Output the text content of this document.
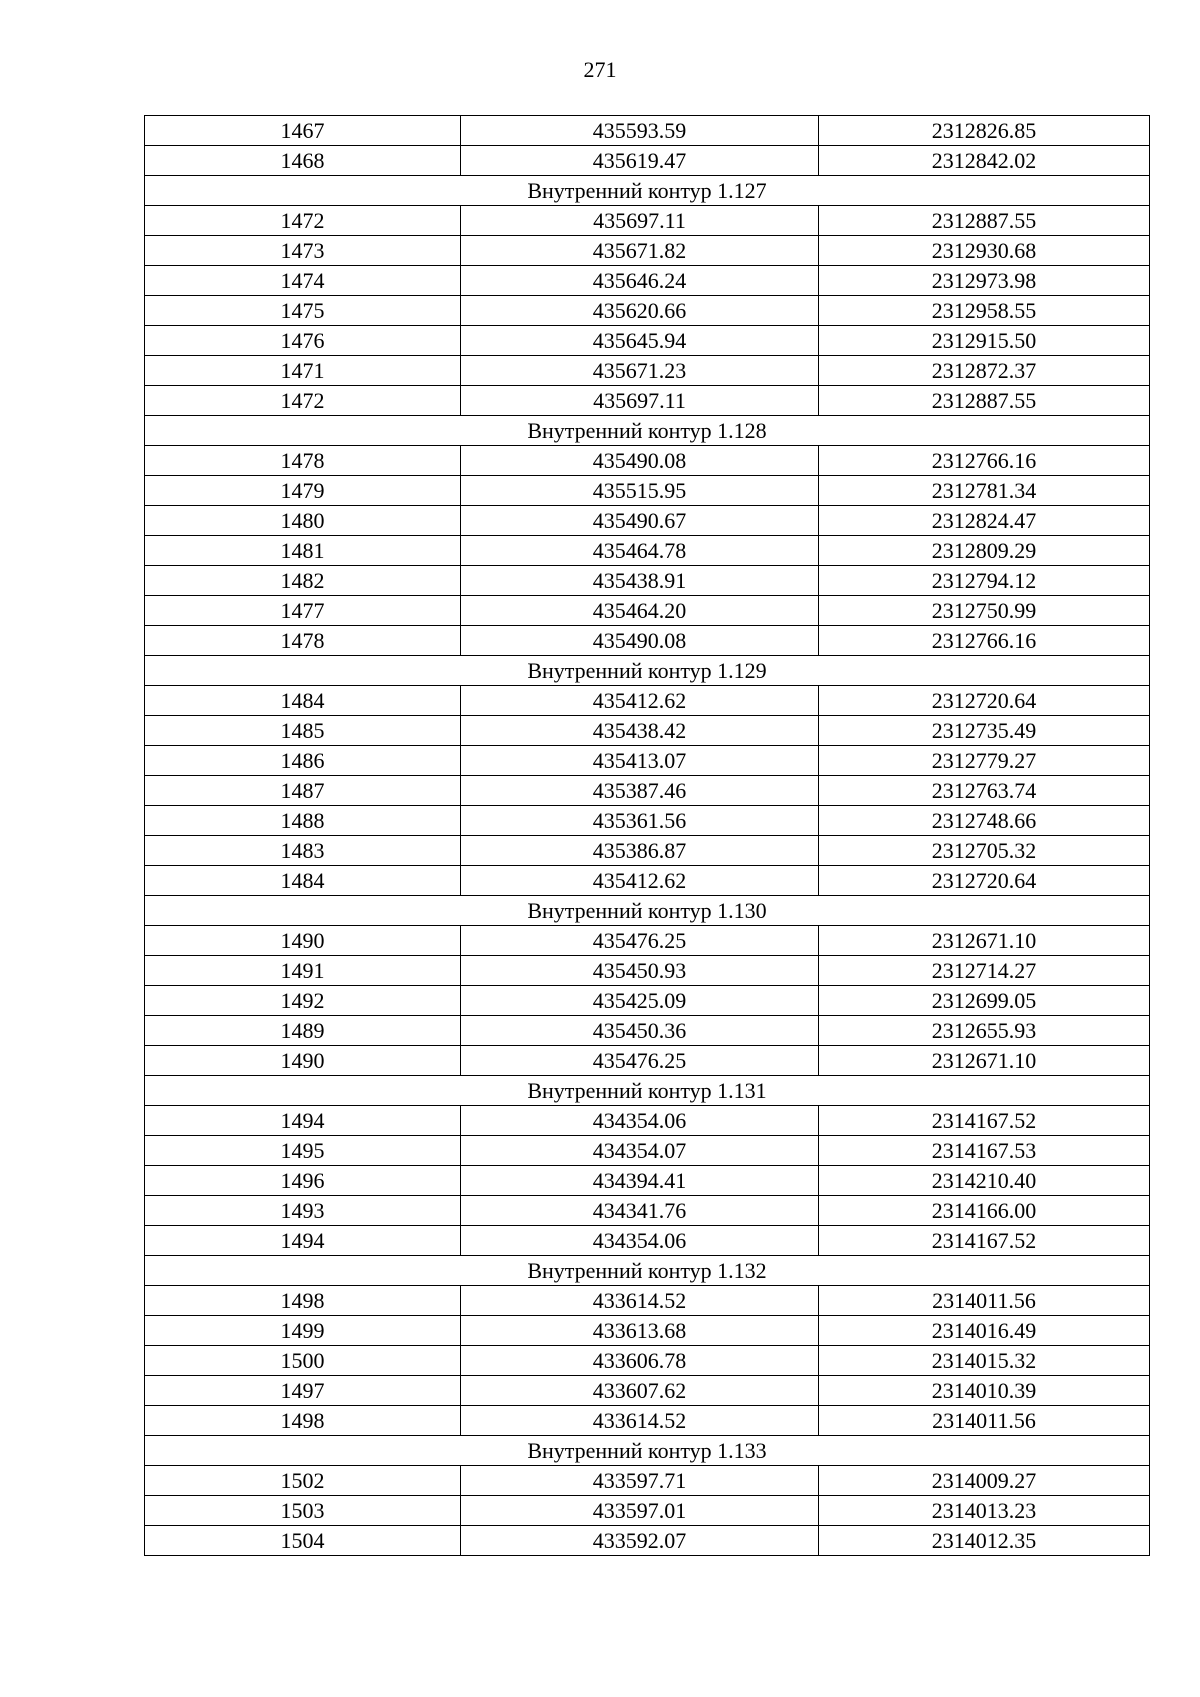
271
1467	435593.59	2312826.85
1468	435619.47	2312842.02
Внутренний контур 1.127		
1472	435697.11	2312887.55
1473	435671.82	2312930.68
1474	435646.24	2312973.98
1475	435620.66	2312958.55
1476	435645.94	2312915.50
1471	435671.23	2312872.37
1472	435697.11	2312887.55
Внутренний контур 1.128		
1478	435490.08	2312766.16
1479	435515.95	2312781.34
1480	435490.67	2312824.47
1481	435464.78	2312809.29
1482	435438.91	2312794.12
1477	435464.20	2312750.99
1478	435490.08	2312766.16
Внутренний контур 1.129		
1484	435412.62	2312720.64
1485	435438.42	2312735.49
1486	435413.07	2312779.27
1487	435387.46	2312763.74
1488	435361.56	2312748.66
1483	435386.87	2312705.32
1484	435412.62	2312720.64
Внутренний контур 1.130		
1490	435476.25	2312671.10
1491	435450.93	2312714.27
1492	435425.09	2312699.05
1489	435450.36	2312655.93
1490	435476.25	2312671.10
Внутренний контур 1.131		
1494	434354.06	2314167.52
1495	434354.07	2314167.53
1496	434394.41	2314210.40
1493	434341.76	2314166.00
1494	434354.06	2314167.52
Внутренний контур 1.132		
1498	433614.52	2314011.56
1499	433613.68	2314016.49
1500	433606.78	2314015.32
1497	433607.62	2314010.39
1498	433614.52	2314011.56
Внутренний контур 1.133		
1502	433597.71	2314009.27
1503	433597.01	2314013.23
1504	433592.07	2314012.35
